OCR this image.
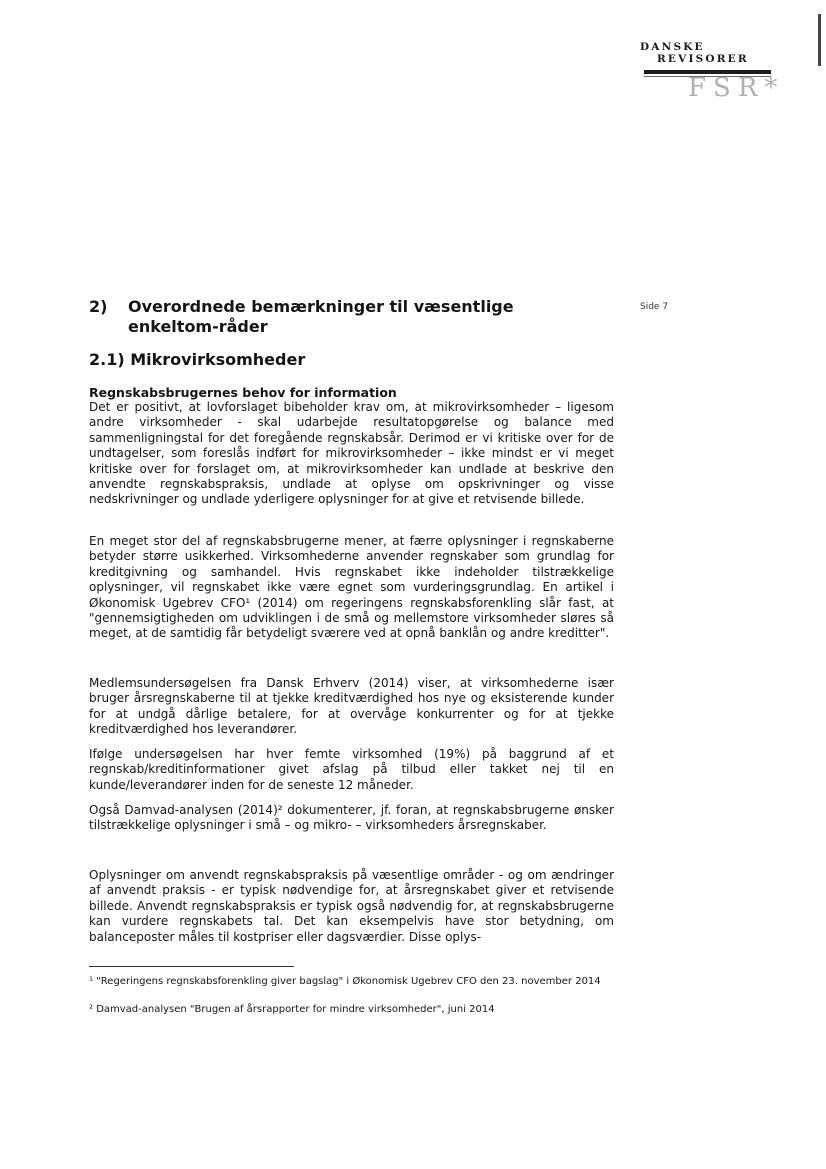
DANSKE
REVISORER
FSR*
Side 7
2) Overordnede bemærkninger til væsentlige enkeltom-råder
2.1) Mikrovirksomheder
Regnskabsbrugernes behov for information

Det er positivt, at lovforslaget bibeholder krav om, at mikrovirksomheder – ligesom andre virksomheder - skal udarbejde resultatopgørelse og balance med sammenligningstal for det foregående regnskabsår. Derimod er vi kritiske over for de undtagelser, som foreslås indført for mikrovirksomheder – ikke mindst er vi meget kritiske over for forslaget om, at mikrovirksomheder kan undlade at beskrive den anvendte regnskabspraksis, undlade at oplyse om opskrivninger og visse nedskrivninger og undlade yderligere oplysninger for at give et retvisende billede.

En meget stor del af regnskabsbrugerne mener, at færre oplysninger i regnskaberne betyder større usikkerhed. Virksomhederne anvender regnskaber som grundlag for kreditgivning og samhandel. Hvis regnskabet ikke indeholder tilstrækkelige oplysninger, vil regnskabet ikke være egnet som vurderingsgrundlag. En artikel i Økonomisk Ugebrev CFO¹ (2014) om regeringens regnskabsforenkling slår fast, at "gennemsigtigheden om udviklingen i de små og mellemstore virksomheder sløres så meget, at de samtidig får betydeligt sværere ved at opnå banklån og andre kreditter".

Medlemsundersøgelsen fra Dansk Erhverv (2014) viser, at virksomhederne især bruger årsregnskaberne til at tjekke kreditværdighed hos nye og eksisterende kunder for at undgå dårlige betalere, for at overvåge konkurrenter og for at tjekke kreditværdighed hos leverandører.

Ifølge undersøgelsen har hver femte virksomhed (19%) på baggrund af et regnskab/kreditinformationer givet afslag på tilbud eller takket nej til en kunde/leverandører inden for de seneste 12 måneder.

Også Damvad-analysen (2014)² dokumenterer, jf. foran, at regnskabsbrugerne ønsker tilstrækkelige oplysninger i små – og mikro- – virksomheders årsregnskaber.

Oplysninger om anvendt regnskabspraksis på væsentlige områder - og om ændringer af anvendt praksis - er typisk nødvendige for, at årsregnskabet giver et retvisende billede. Anvendt regnskabspraksis er typisk også nødvendig for, at regnskabsbrugerne kan vurdere regnskabets tal. Det kan eksempelvis have stor betydning, om balanceposter måles til kostpriser eller dagsværdier. Disse oplys-

¹ "Regeringens regnskabsforenkling giver bagslag" i Økonomisk Ugebrev CFO den 23. november 2014
² Damvad-analysen "Brugen af årsrapporter for mindre virksomheder", juni 2014
